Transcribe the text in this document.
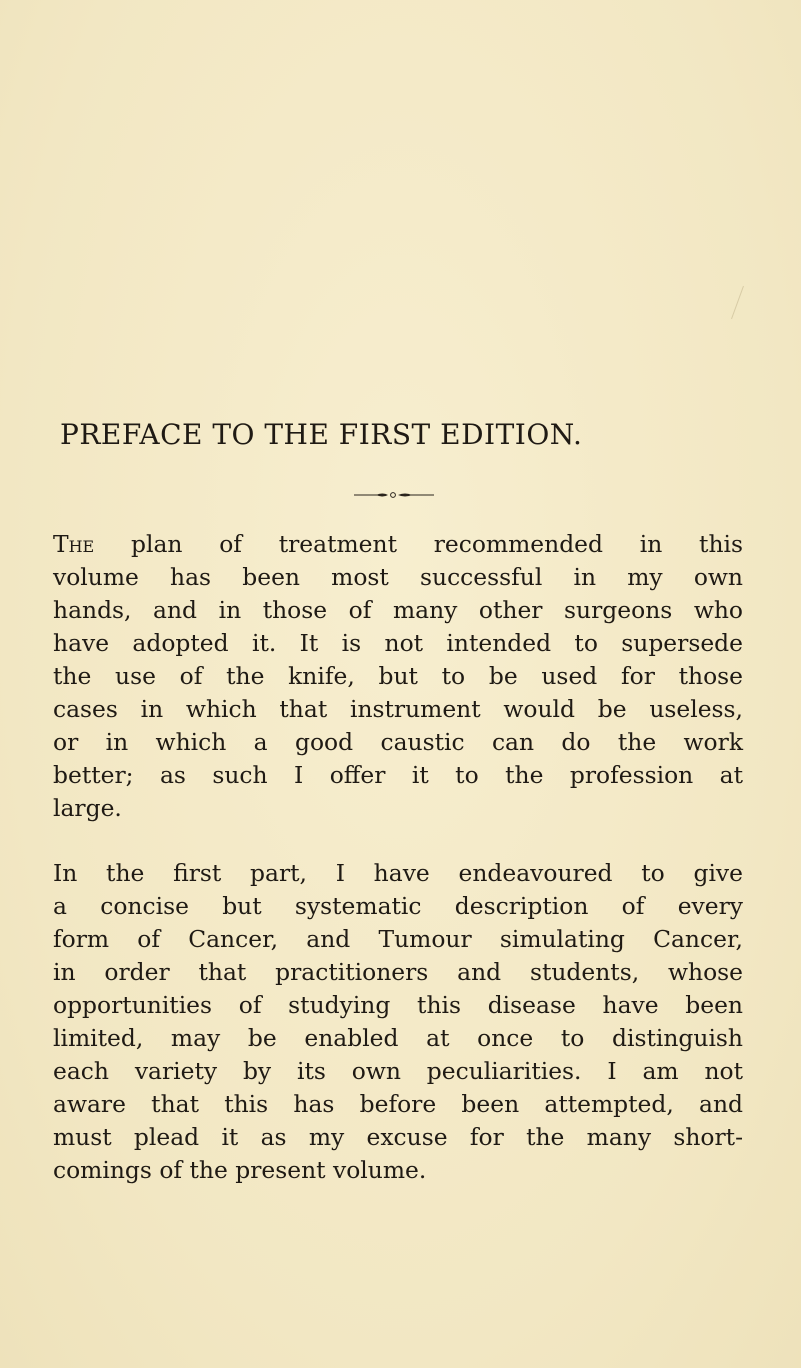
PREFACE TO THE FIRST EDITION.

The plan of treatment recommended in this
volume has been most successful in my own
hands, and in those of many other surgeons who
have adopted it. It is not intended to supersede
the use of the knife, but to be used for those
cases in which that instrument would be useless,
or in which a good caustic can do the work
better; as such I offer it to the profession at
large.

In the first part, I have endeavoured to give
a concise but systematic description of every
form of Cancer, and Tumour simulating Cancer,
in order that practitioners and students, whose
opportunities of studying this disease have been
limited, may be enabled at once to distinguish
each variety by its own peculiarities. I am not
aware that this has before been attempted, and
must plead it as my excuse for the many short-
comings of the present volume.
